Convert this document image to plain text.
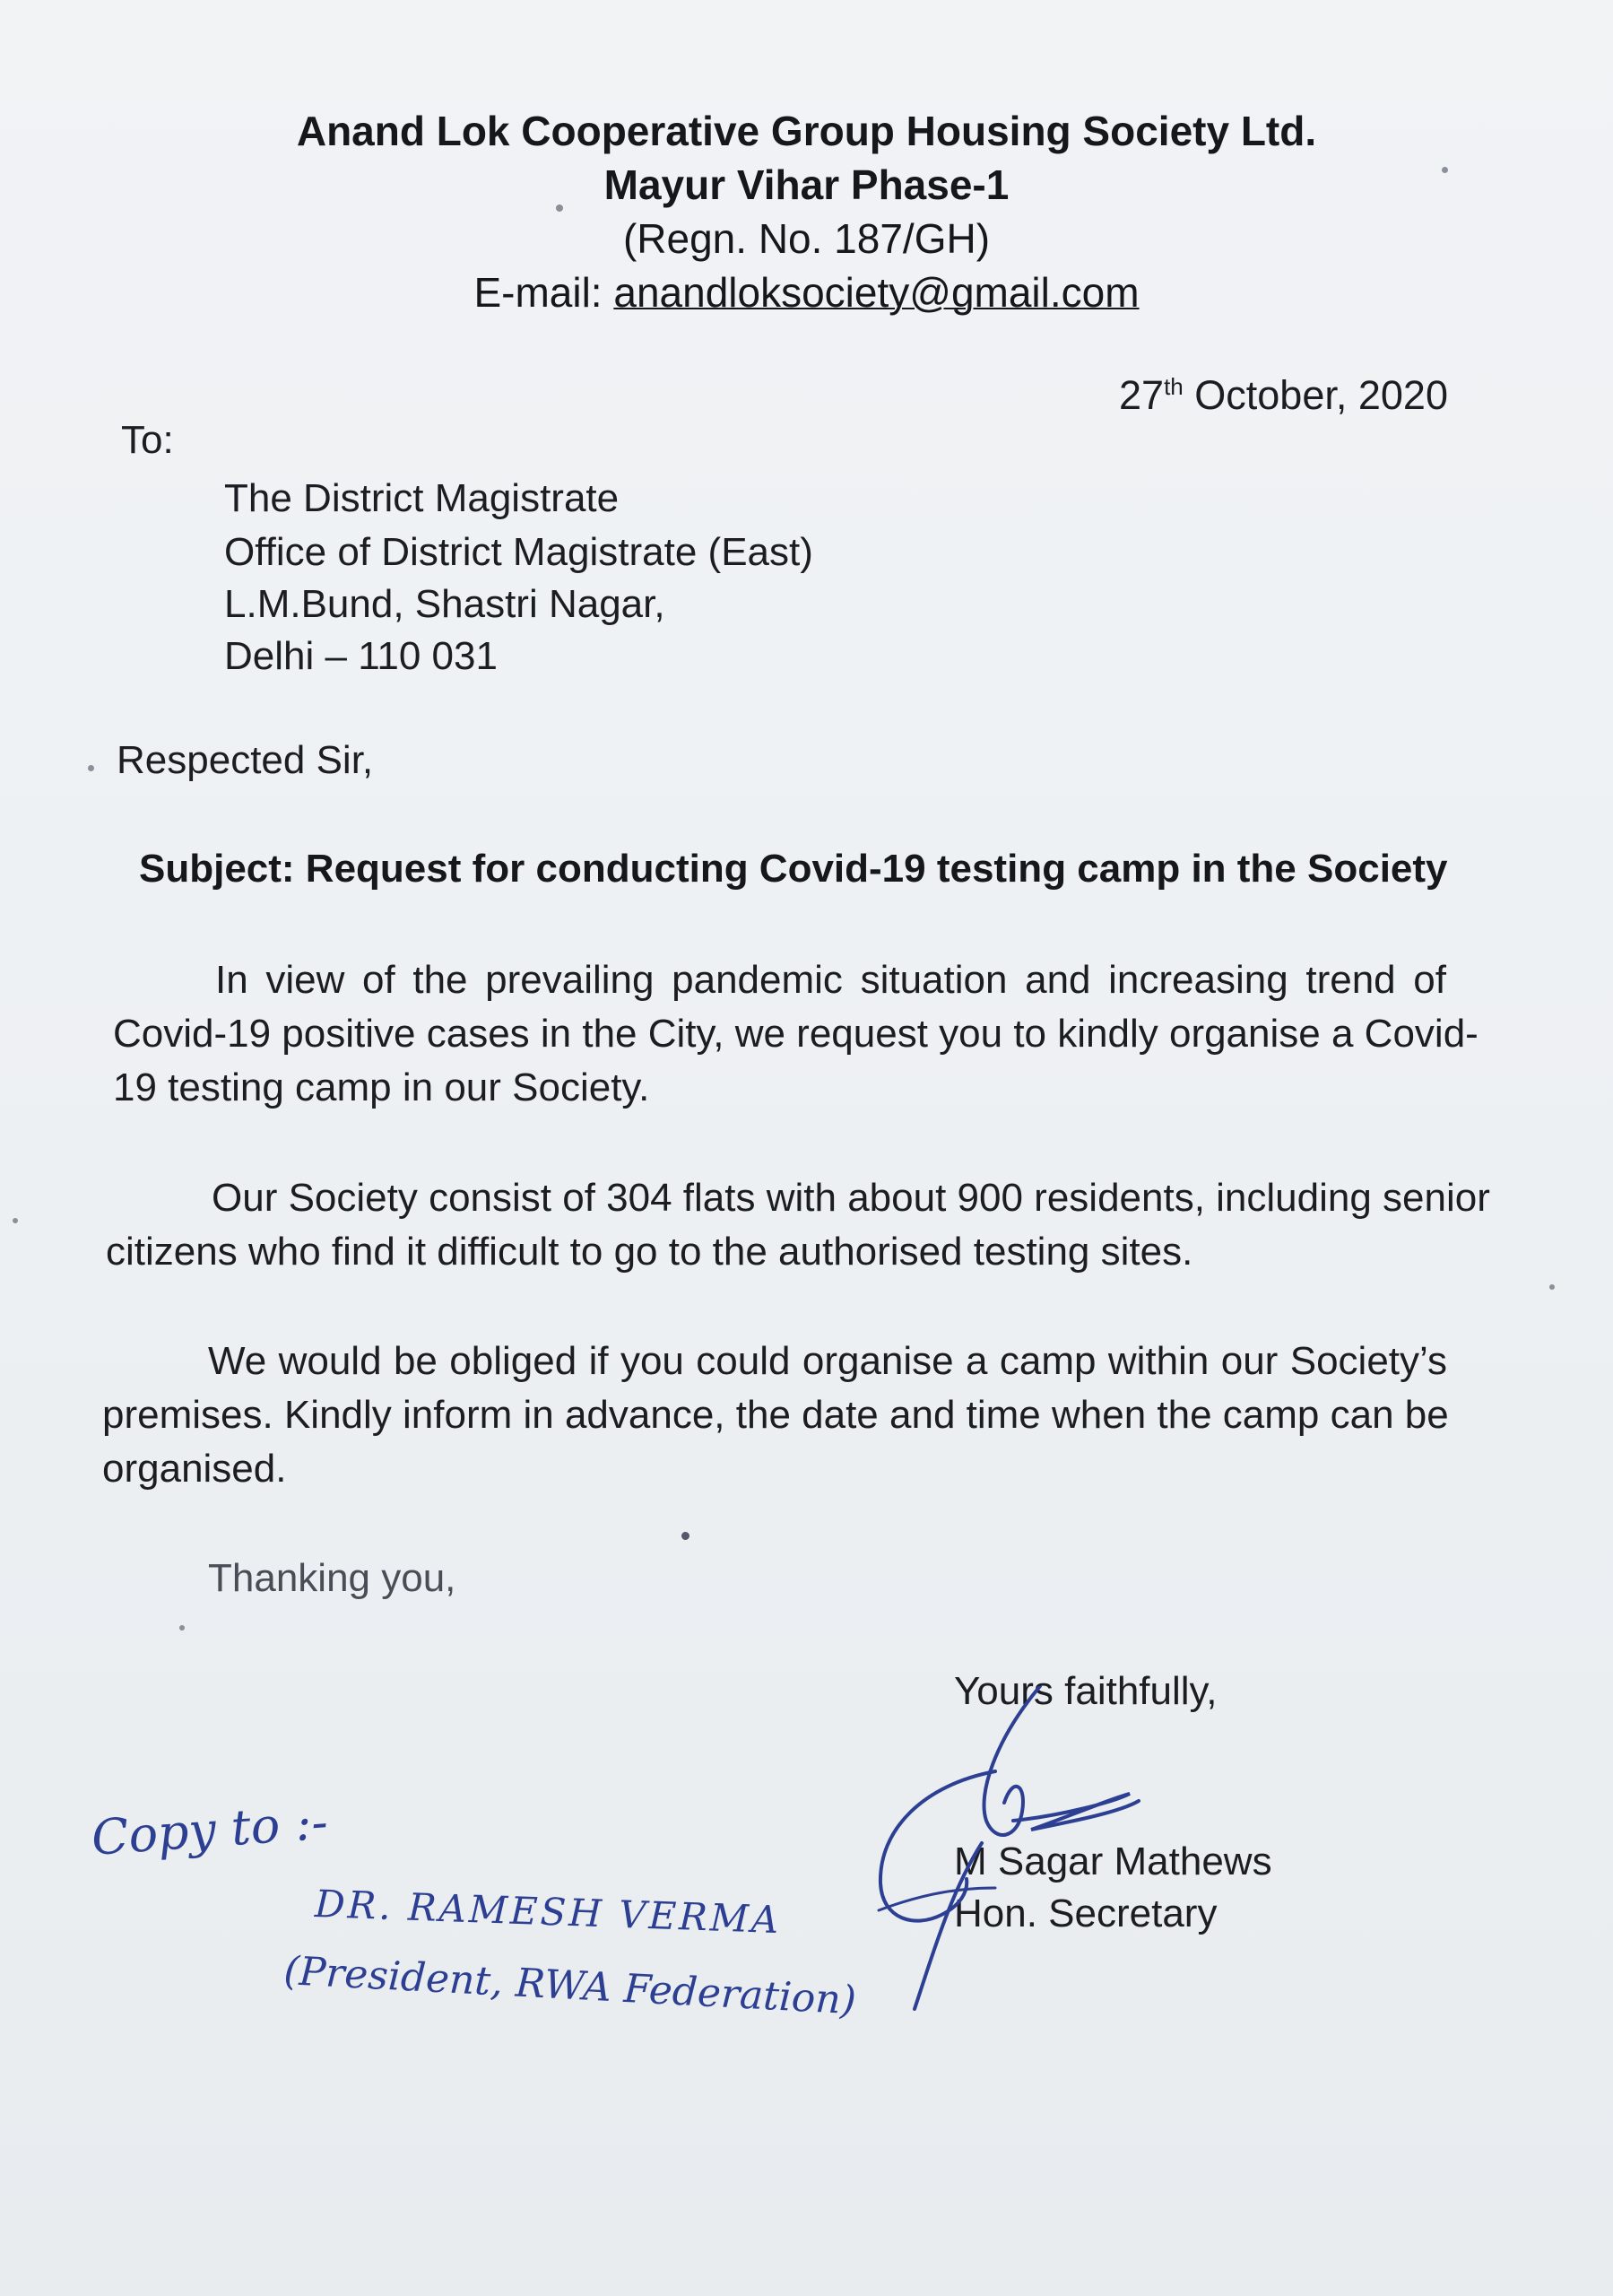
Anand Lok Cooperative Group Housing Society Ltd.
Mayur Vihar Phase-1
(Regn. No. 187/GH)
E-mail: anandloksociety@gmail.com
27th October, 2020
To:
The District Magistrate
Office of District Magistrate (East)
L.M.Bund, Shastri Nagar,
Delhi – 110 031
Respected Sir,
Subject: Request for conducting Covid-19 testing camp in the Society
In view of the prevailing pandemic situation and increasing trend of
Covid-19 positive cases in the City, we request you to kindly organise a Covid-
19 testing camp in our Society.
Our Society consist of 304 flats with about 900 residents, including senior
citizens who find it difficult to go to the authorised testing sites.
We would be obliged if you could organise a camp within our Society’s
premises. Kindly inform in advance, the date and time when the camp can be
organised.
Thanking you,
Yours faithfully,
M Sagar Mathews
Hon. Secretary
Copy to :-
DR. RAMESH VERMA
(President, RWA Federation)
